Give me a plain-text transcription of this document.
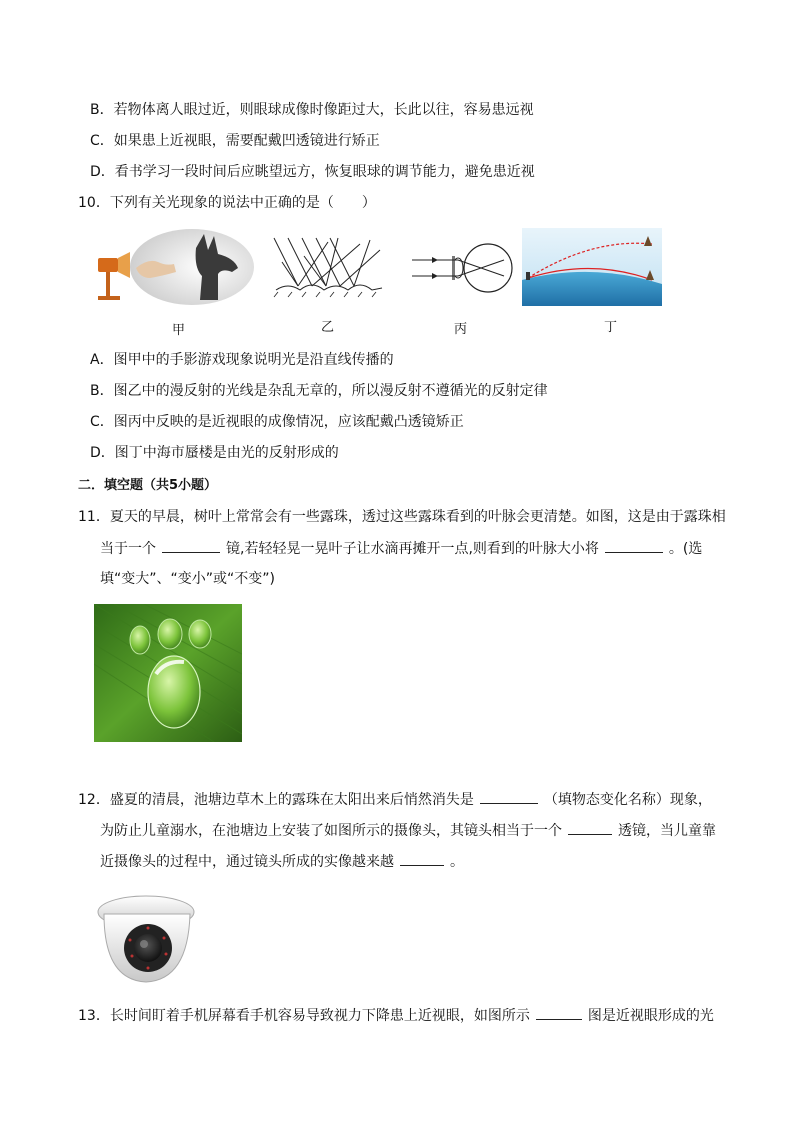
B．若物体离人眼过近，则眼球成像时像距过大，长此以往，容易患远视
C．如果患上近视眼，需要配戴凹透镜进行矫正
D．看书学习一段时间后应眺望远方，恢复眼球的调节能力，避免患近视
10．下列有关光现象的说法中正确的是（　　）
甲	乙	丙	丁
A．图甲中的手影游戏现象说明光是沿直线传播的
B．图乙中的漫反射的光线是杂乱无章的，所以漫反射不遵循光的反射定律
C．图丙中反映的是近视眼的成像情况，应该配戴凸透镜矫正
D．图丁中海市蜃楼是由光的反射形成的
二．填空题（共5小题）
11．夏天的早晨，树叶上常常会有一些露珠，透过这些露珠看到的叶脉会更清楚。如图，这是由于露珠相
当于一个	镜,若轻轻晃一晃叶子让水滴再摊开一点,则看到的叶脉大小将	。(选
填“变大”、“变小”或“不变”)
12．盛夏的清晨，池塘边草木上的露珠在太阳出来后悄然消失是	（填物态变化名称）现象，
为防止儿童溺水，在池塘边上安装了如图所示的摄像头，其镜头相当于一个	透镜，当儿童靠
近摄像头的过程中，通过镜头所成的实像越来越	。
13．长时间盯着手机屏幕看手机容易导致视力下降患上近视眼，如图所示	图是近视眼形成的光
